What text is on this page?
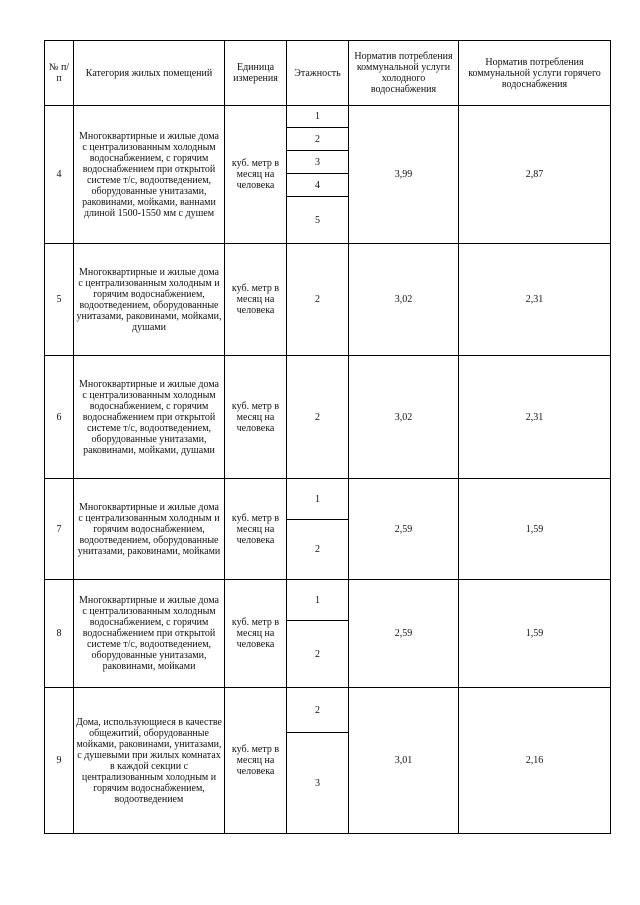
№ п/п	Категория жилых помещений	Единица измерения	Этажность	Норматив потребления коммунальной услуги холодного водоснабжения	Норматив потребления коммунальной услуги горячего водоснабжения
4	Многоквартирные и жилые дома с централизованным холодным водоснабжением, с горячим водоснабжением при открытой системе т/с, водоотведением, оборудованные унитазами, раковинами, мойками, ваннами длиной 1500-1550 мм с душем	куб. метр в месяц на человека	1	3,99	2,87
			2		
			3		
			4		
			5		
5	Многоквартирные и жилые дома с централизованным холодным и горячим водоснабжением, водоотведением, оборудованные унитазами, раковинами, мойками, душами	куб. метр в месяц на человека	2	3,02	2,31
6	Многоквартирные и жилые дома с централизованным холодным водоснабжением, с горячим водоснабжением при открытой системе т/с, водоотведением, оборудованные унитазами, раковинами, мойками, душами	куб. метр в месяц на человека	2	3,02	2,31
7	Многоквартирные и жилые дома с централизованным холодным и горячим водоснабжением, водоотведением, оборудованные унитазами, раковинами, мойками	куб. метр в месяц на человека	1	2,59	1,59
			2		
8	Многоквартирные и жилые дома с централизованным холодным водоснабжением, с горячим водоснабжением при открытой системе т/с, водоотведением, оборудованные унитазами, раковинами, мойками	куб. метр в месяц на человека	1	2,59	1,59
			2		
9	Дома, использующиеся в качестве общежитий, оборудованные мойками, раковинами, унитазами, с душевыми при жилых комнатах в каждой секции с централизованным холодным и горячим водоснабжением, водоотведением	куб. метр в месяц на человека	2	3,01	2,16
			3		
